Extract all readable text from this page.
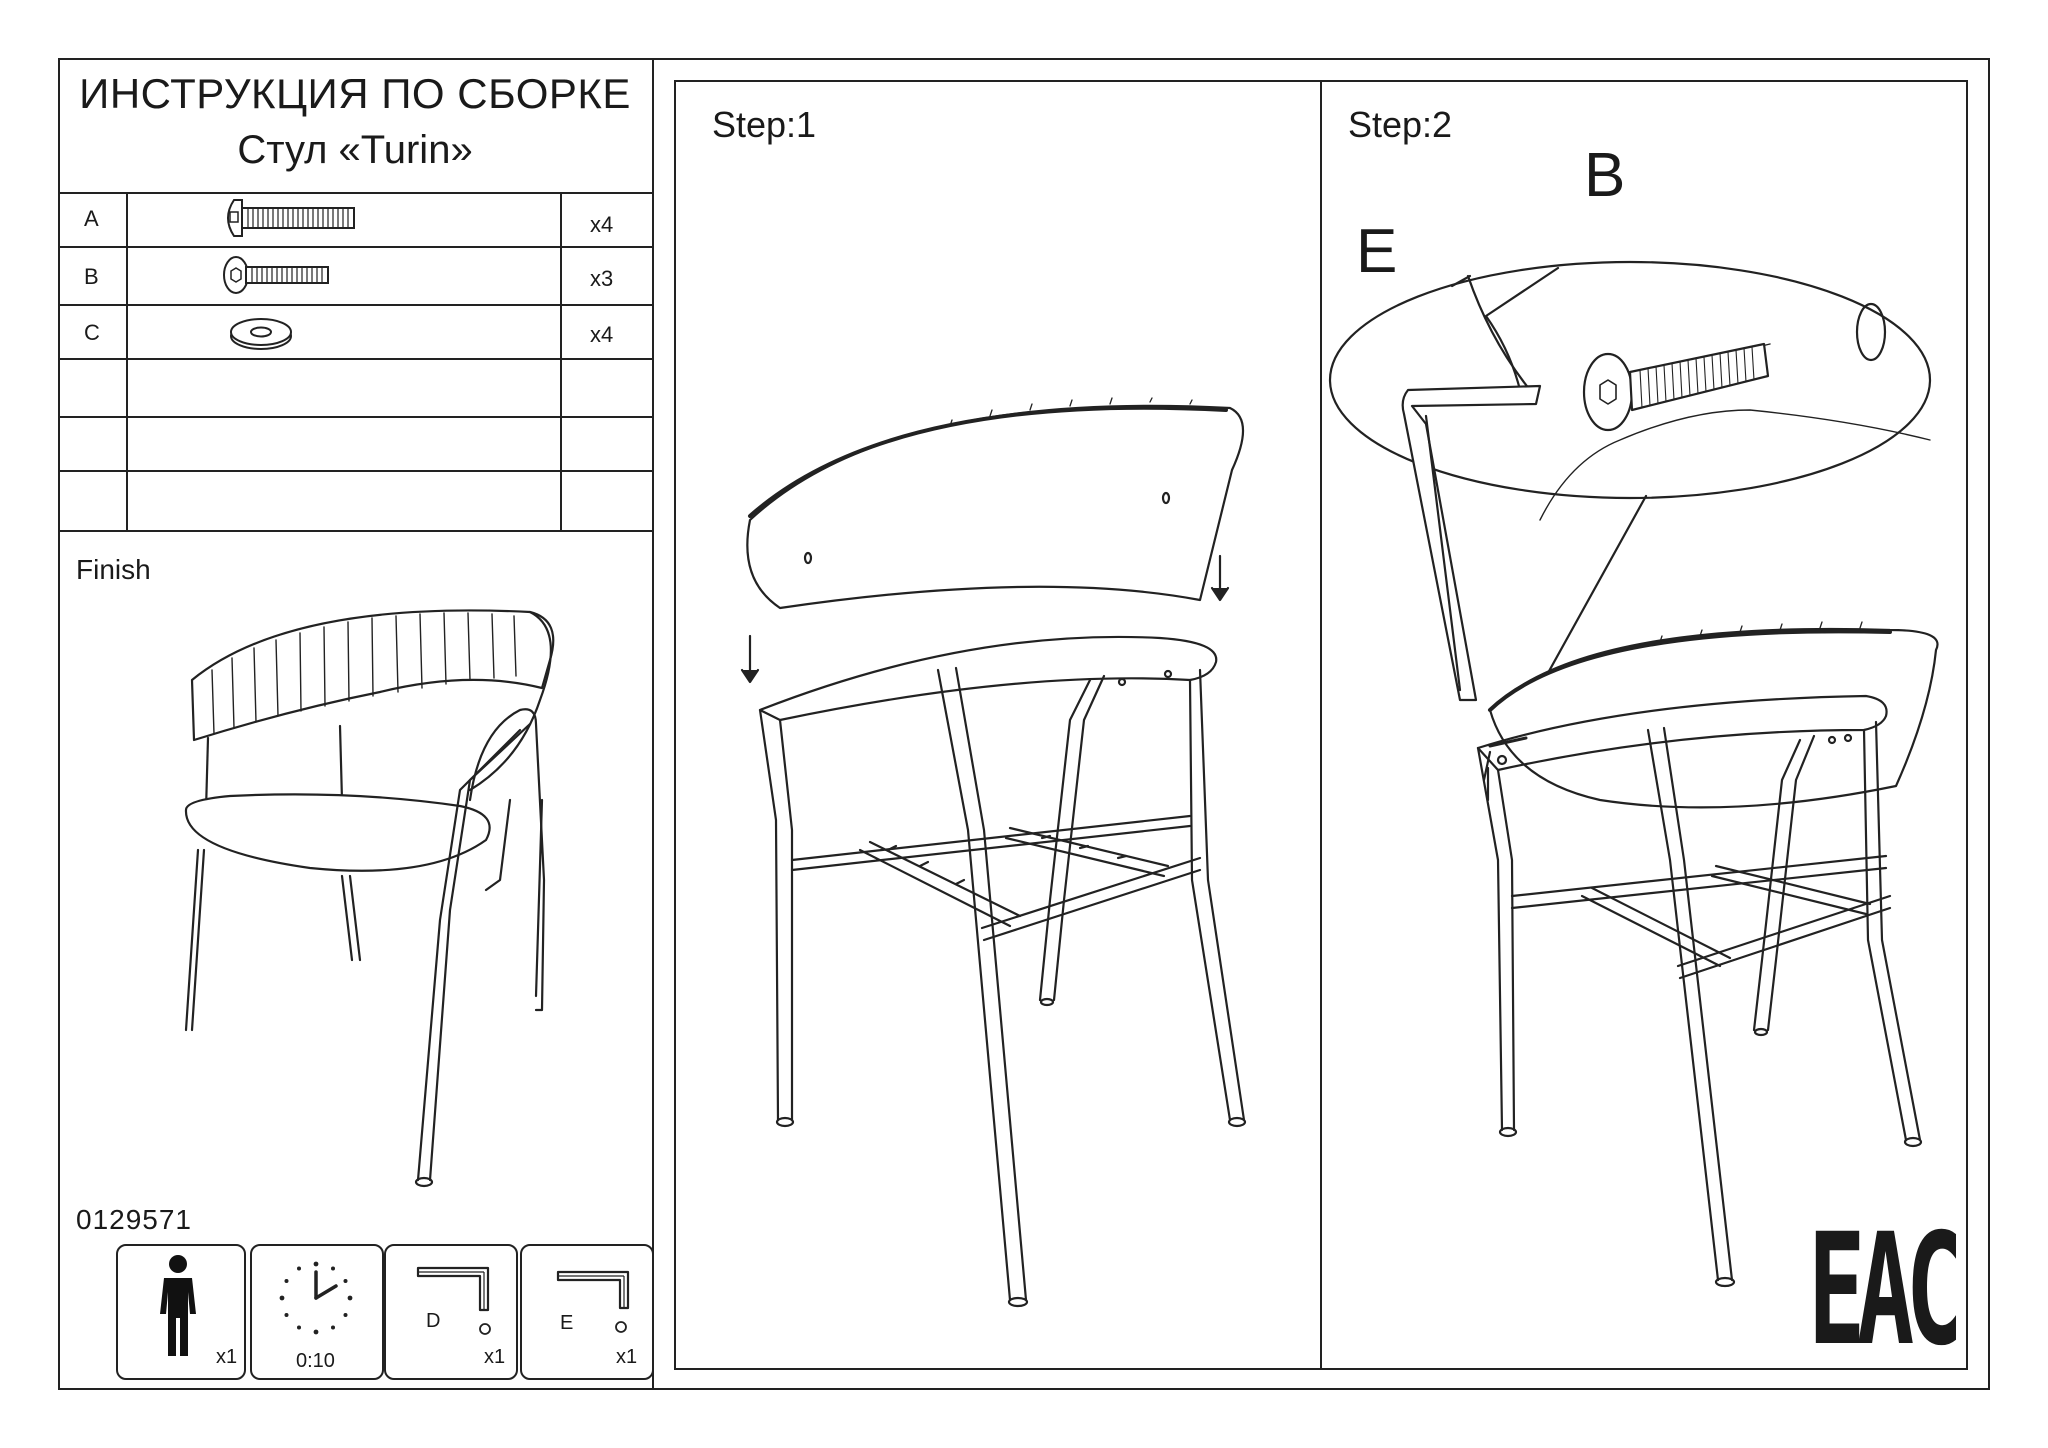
ИНСТРУКЦИЯ ПО СБОРКЕ
Стул «Turin»
A	x4
B	x3
C	x4
Finish
0129571
x1	0:10
D
x1
E
x1
Step:1	Step:2
B
E
EAC
